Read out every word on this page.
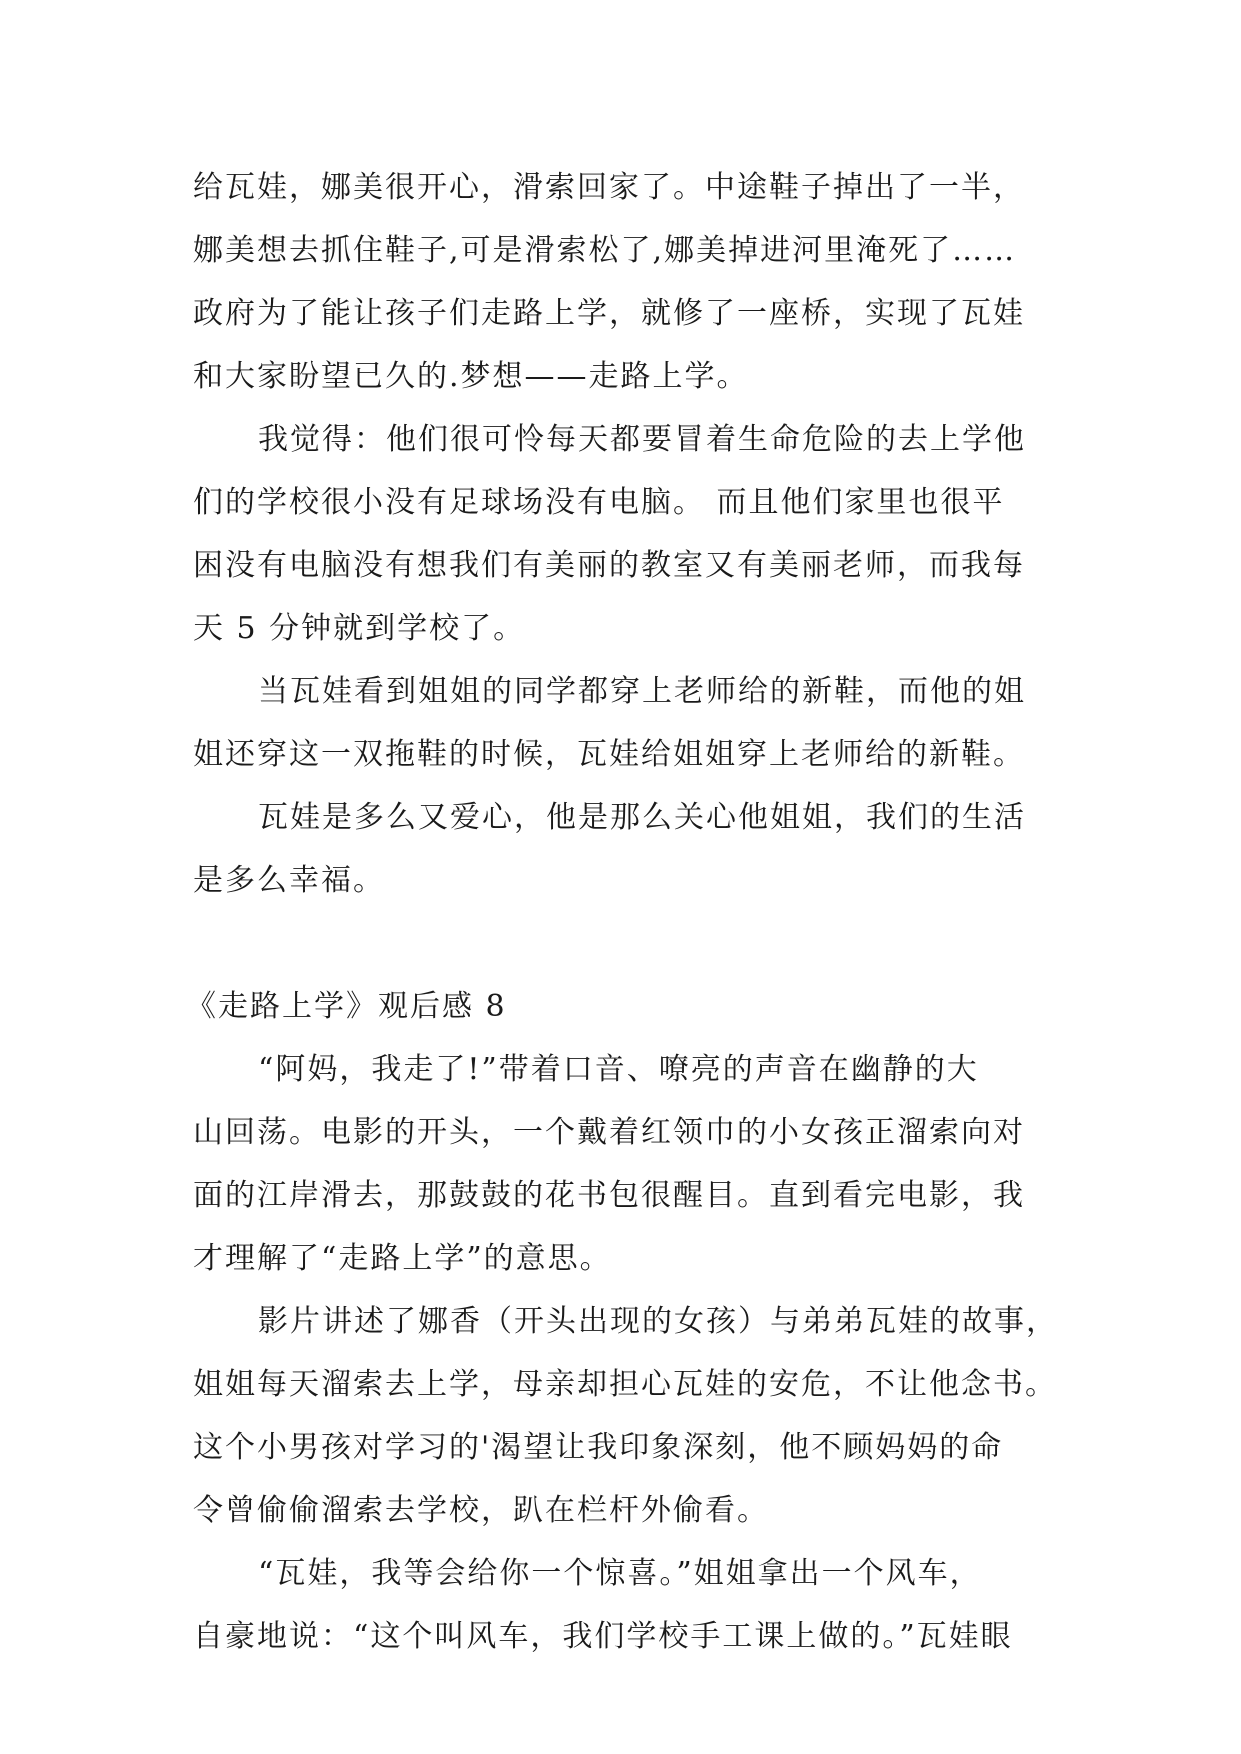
给瓦娃，娜美很开心，滑索回家了。中途鞋子掉出了一半，
娜美想去抓住鞋子,可是滑索松了,娜美掉进河里淹死了……
政府为了能让孩子们走路上学，就修了一座桥，实现了瓦娃
和大家盼望已久的.梦想——走路上学。
我觉得：他们很可怜每天都要冒着生命危险的去上学他
们的学校很小没有足球场没有电脑。 而且他们家里也很平
困没有电脑没有想我们有美丽的教室又有美丽老师，而我每
天 5 分钟就到学校了。
当瓦娃看到姐姐的同学都穿上老师给的新鞋，而他的姐
姐还穿这一双拖鞋的时候，瓦娃给姐姐穿上老师给的新鞋。
瓦娃是多么又爱心，他是那么关心他姐姐，我们的生活
是多么幸福。
《走路上学》观后感 8
“阿妈，我走了!”带着口音、嘹亮的声音在幽静的大
山回荡。电影的开头，一个戴着红领巾的小女孩正溜索向对
面的江岸滑去，那鼓鼓的花书包很醒目。直到看完电影，我
才理解了“走路上学”的意思。
影片讲述了娜香（开头出现的女孩）与弟弟瓦娃的故事，
姐姐每天溜索去上学，母亲却担心瓦娃的安危，不让他念书。
这个小男孩对学习的'渴望让我印象深刻，他不顾妈妈的命
令曾偷偷溜索去学校，趴在栏杆外偷看。
“瓦娃，我等会给你一个惊喜。”姐姐拿出一个风车，
自豪地说：“这个叫风车，我们学校手工课上做的。”瓦娃眼
